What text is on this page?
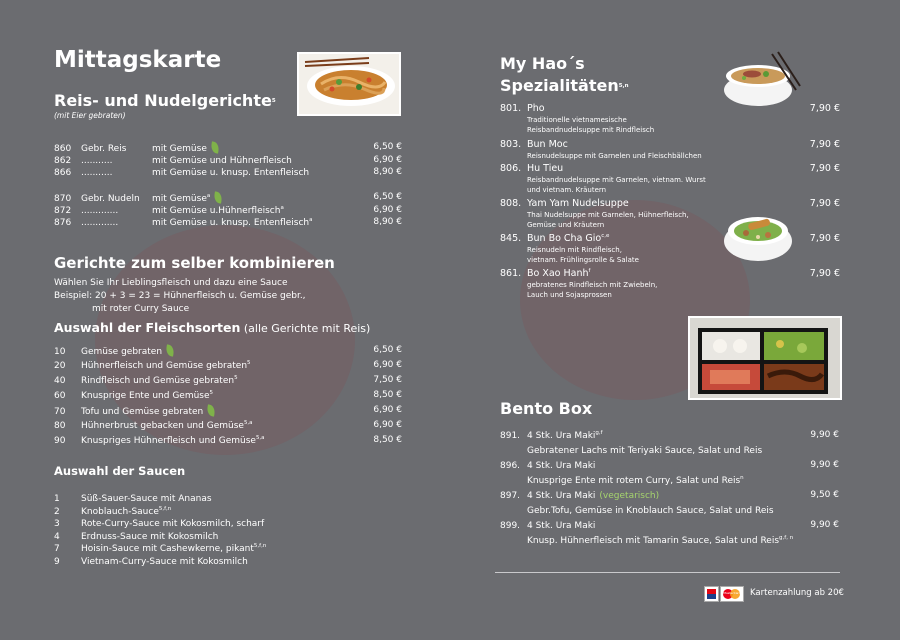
Mittagskarte
Reis- und Nudelgerichte$^5$
(mit Eier gebraten)
860 Gebr. Reis	mit Gemüse	6,50 €
862 ...........	mit Gemüse und Hühnerfleisch	6,90 €
866 ...........	mit Gemüse u. knusp. Entenfleisch	8,90 €
870 Gebr. Nudeln mit Gemüse$^a$	6,50 €
872 .............	mit Gemüse u.Hühnerfleisch$^a$	6,90 €
876 .............	mit Gemüse u. knusp. Entenfleisch$^a$	8,90 €
Gerichte zum selber kombinieren
Wählen Sie Ihr Lieblingsfleisch und dazu eine Sauce
Beispiel: 20 + 3 = 23 = Hühnerfleisch u. Gemüse gebr.,
mit roter Curry Sauce
Auswahl der Fleischsorten (alle Gerichte mit Reis)
10 Gemüse gebraten	6,50 €
20 Hühnerfleisch und Gemüse gebraten$^5$	6,90 €
40 Rindfleisch und Gemüse gebraten$^5$	7,50 €
60 Knusprige Ente und Gemüse$^5$	8,50 €
70 Tofu und Gemüse gebraten	6,90 €
80 Hühnerbrust gebacken und Gemüse$^{5,a}$	6,90 €
90 Knuspriges Hühnerfleisch und Gemüse$^{5,a}$	8,50 €
Auswahl der Saucen
1 Süß-Sauer-Sauce mit Ananas
2 Knoblauch-Sauce$^{5,f,n}$
3 Rote-Curry-Sauce mit Kokosmilch, scharf
4 Erdnuss-Sauce mit Kokosmilch
7 Hoisin-Sauce mit Cashewkerne, pikant$^{5,f,n}$
9 Vietnam-Curry-Sauce mit Kokosmilch
My Hao´s
Spezialitäten$^{5,n}$
801. Pho
Traditionelle vietnamesische
Reisbandnudelsuppe mit Rindfleisch
7,90 €
803. Bun Moc
Reisnudelsuppe mit Garnelen und Fleischbällchen
7,90 €
806. Hu Tieu
Reisbandnudelsuppe mit Garnelen, vietnam. Wurst
und vietnam. Kräutern
7,90 €
808. Yam Yam Nudelsuppe
Thai Nudelsuppe mit Garnelen, Hühnerfleisch,
Gemüse und Kräutern
7,90 €
845. Bun Bo Cha Gio$^{c,e}$
Reisnudeln mit Rindfleisch,
vietnam. Frühlingsrolle & Salate
7,90 €
861. Bo Xao Hanh$^f$
gebratenes Rindfleisch mit Zwiebeln,
Lauch und Sojasprossen
7,90 €
Bento Box
891. 4 Stk. Ura Maki$^{g,f}$
Gebratener Lachs mit Teriyaki Sauce, Salat und Reis
9,90 €
896. 4 Stk. Ura Maki
Knusprige Ente mit rotem Curry, Salat und Reis$^n$
9,90 €
897. 4 Stk. Ura Maki (vegetarisch)
Gebr.Tofu, Gemüse in Knoblauch Sauce, Salat und Reis
9,50 €
899. 4 Stk. Ura Maki
Knusp. Hühnerfleisch mit Tamarin Sauce, Salat und Reis$^{g,f, n}$
9,90 €
MasterCard Kartenzahlung ab 20€
